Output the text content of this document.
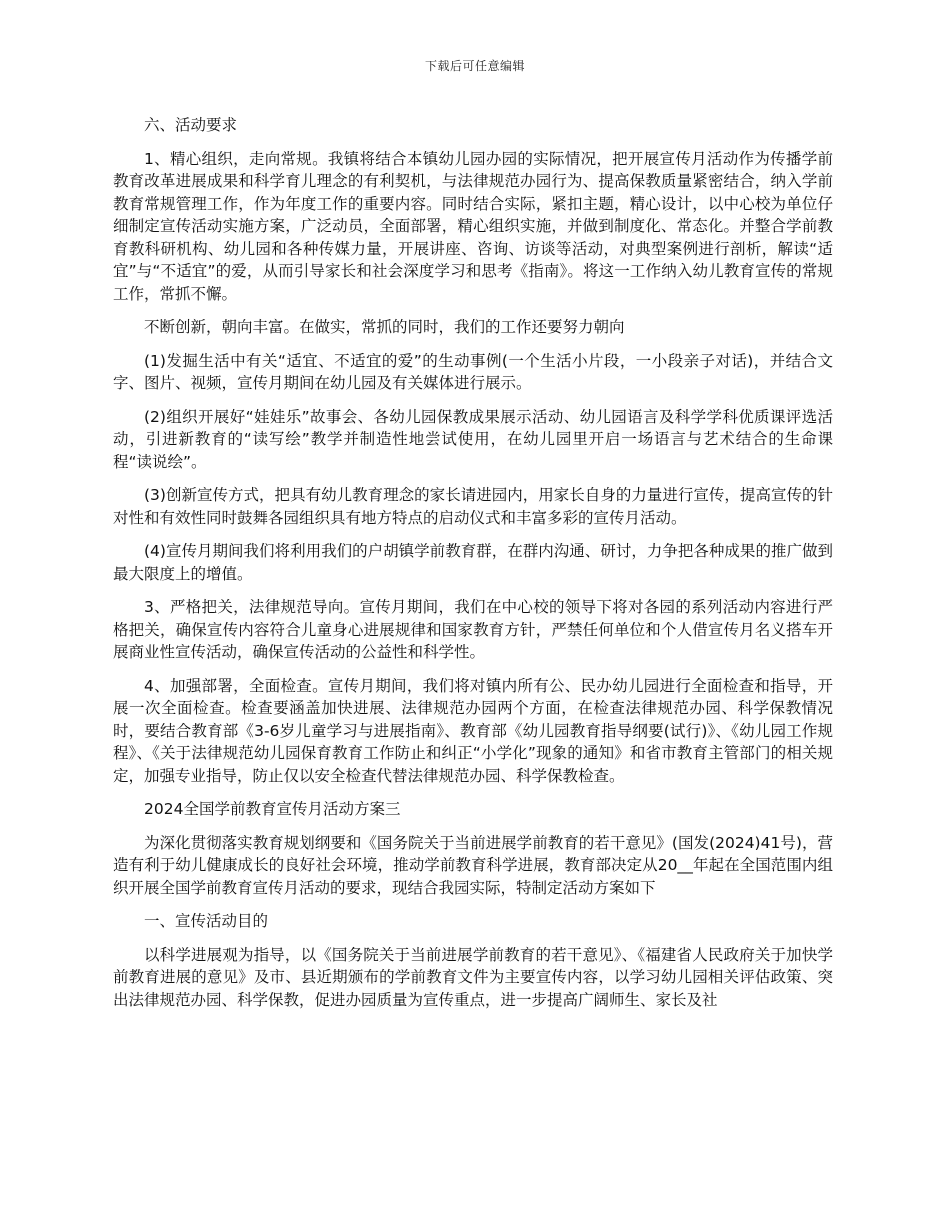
下载后可任意编辑

六、活动要求

1、精心组织，走向常规。我镇将结合本镇幼儿园办园的实际情况，把开展宣传月活动作为传播学前教育改革进展成果和科学育儿理念的有利契机，与法律规范办园行为、提高保教质量紧密结合，纳入学前教育常规管理工作，作为年度工作的重要内容。同时结合实际，紧扣主题，精心设计，以中心校为单位仔细制定宣传活动实施方案，广泛动员，全面部署，精心组织实施，并做到制度化、常态化。并整合学前教育教科研机构、幼儿园和各种传媒力量，开展讲座、咨询、访谈等活动，对典型案例进行剖析，解读“适宜”与“不适宜”的爱，从而引导家长和社会深度学习和思考《指南》。将这一工作纳入幼儿教育宣传的常规工作，常抓不懈。

不断创新，朝向丰富。在做实，常抓的同时，我们的工作还要努力朝向

(1)发掘生活中有关“适宜、不适宜的爱”的生动事例(一个生活小片段，一小段亲子对话)，并结合文字、图片、视频，宣传月期间在幼儿园及有关媒体进行展示。

(2)组织开展好“娃娃乐”故事会、各幼儿园保教成果展示活动、幼儿园语言及科学学科优质课评选活动，引进新教育的“读写绘”教学并制造性地尝试使用，在幼儿园里开启一场语言与艺术结合的生命课程“读说绘”。

(3)创新宣传方式，把具有幼儿教育理念的家长请进园内，用家长自身的力量进行宣传，提高宣传的针对性和有效性同时鼓舞各园组织具有地方特点的启动仪式和丰富多彩的宣传月活动。

(4)宣传月期间我们将利用我们的户胡镇学前教育群，在群内沟通、研讨，力争把各种成果的推广做到最大限度上的增值。

3、严格把关，法律规范导向。宣传月期间，我们在中心校的领导下将对各园的系列活动内容进行严格把关，确保宣传内容符合儿童身心进展规律和国家教育方针，严禁任何单位和个人借宣传月名义搭车开展商业性宣传活动，确保宣传活动的公益性和科学性。

4、加强部署，全面检查。宣传月期间，我们将对镇内所有公、民办幼儿园进行全面检查和指导，开展一次全面检查。检查要涵盖加快进展、法律规范办园两个方面，在检查法律规范办园、科学保教情况时，要结合教育部《3-6岁儿童学习与进展指南》、教育部《幼儿园教育指导纲要(试行)》、《幼儿园工作规程》、《关于法律规范幼儿园保育教育工作防止和纠正“小学化”现象的通知》和省市教育主管部门的相关规定，加强专业指导，防止仅以安全检查代替法律规范办园、科学保教检查。

2024全国学前教育宣传月活动方案三

为深化贯彻落实教育规划纲要和《国务院关于当前进展学前教育的若干意见》(国发(2024)41号)，营造有利于幼儿健康成长的良好社会环境，推动学前教育科学进展，教育部决定从20__年起在全国范围内组织开展全国学前教育宣传月活动的要求，现结合我园实际，特制定活动方案如下

一、宣传活动目的

以科学进展观为指导，以《国务院关于当前进展学前教育的若干意见》、《福建省人民政府关于加快学前教育进展的意见》及市、县近期颁布的学前教育文件为主要宣传内容，以学习幼儿园相关评估政策、突出法律规范办园、科学保教，促进办园质量为宣传重点，进一步提高广阔师生、家长及社
